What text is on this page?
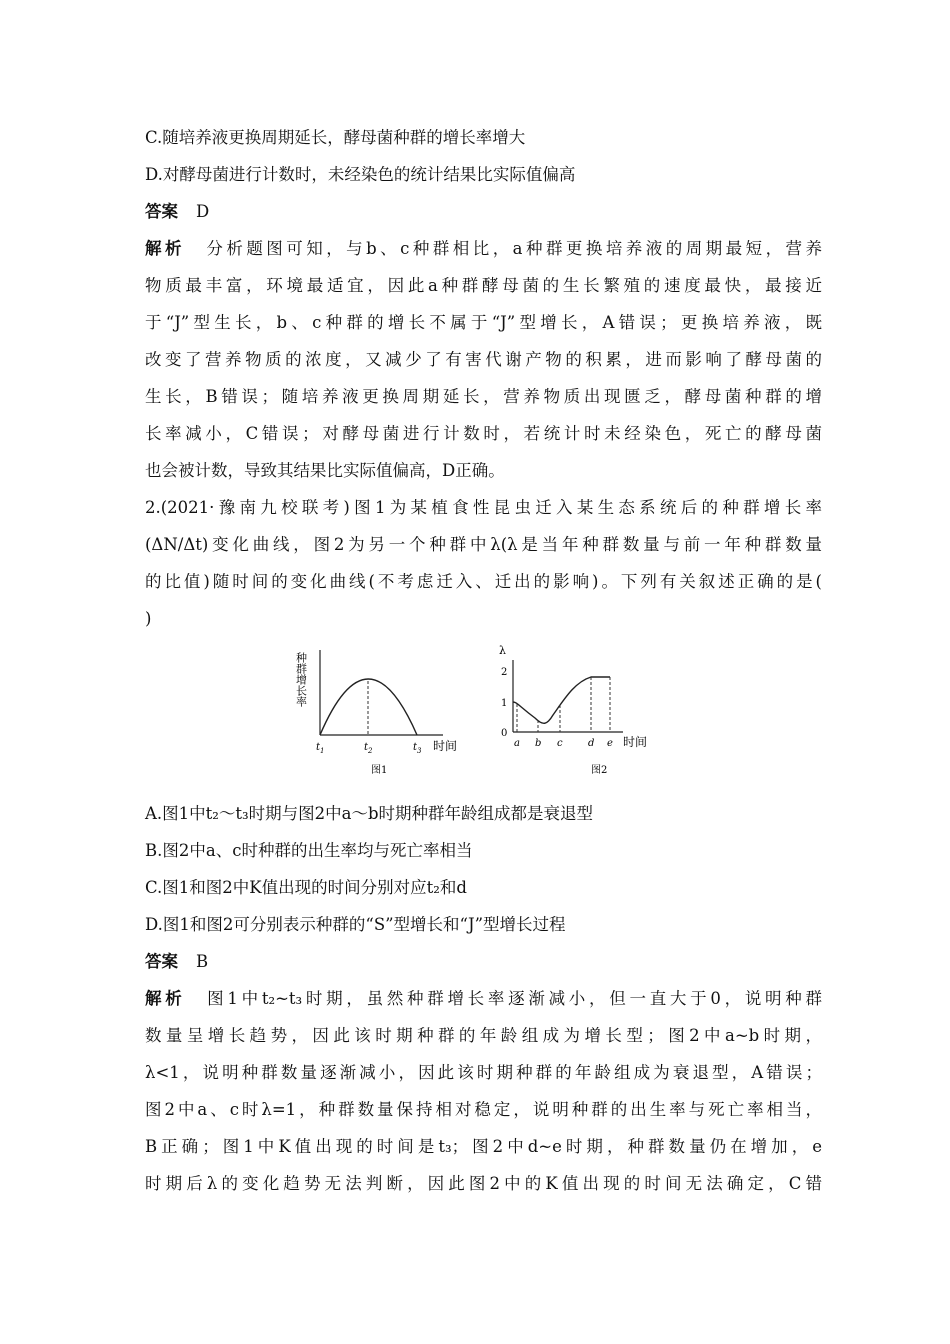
C.随培养液更换周期延长，酵母菌种群的增长率增大
D.对酵母菌进行计数时，未经染色的统计结果比实际值偏高
答案 D
解析 分析题图可知，与b、c种群相比，a种群更换培养液的周期最短，营养
物质最丰富，环境最适宜，因此a种群酵母菌的生长繁殖的速度最快，最接近
于“J”型生长，b、c种群的增长不属于“J”型增长，A错误；更换培养液，既
改变了营养物质的浓度，又减少了有害代谢产物的积累，进而影响了酵母菌的
生长，B错误；随培养液更换周期延长，营养物质出现匮乏，酵母菌种群的增
长率减小，C错误；对酵母菌进行计数时，若统计时未经染色，死亡的酵母菌
也会被计数，导致其结果比实际值偏高，D正确。
2.(2021·豫南九校联考)图1为某植食性昆虫迁入某生态系统后的种群增长率
(ΔN/Δt)变化曲线，图2为另一个种群中λ(λ是当年种群数量与前一年种群数量
的比值)随时间的变化曲线(不考虑迁入、迁出的影响)。下列有关叙述正确的是(
)
种群增长率
$t_1$	$t_2$	$t_3$ 时间
图1
λ
2
1
0
a b c	d e 时间
图2
A.图1中t₂～t₃时期与图2中a～b时期种群年龄组成都是衰退型
B.图2中a、c时种群的出生率均与死亡率相当
C.图1和图2中K值出现的时间分别对应t₂和d
D.图1和图2可分别表示种群的“S”型增长和“J”型增长过程
答案 B
解析 图1中t₂~t₃时期，虽然种群增长率逐渐减小，但一直大于0，说明种群
数量呈增长趋势，因此该时期种群的年龄组成为增长型；图2中a~b时期，
λ<1，说明种群数量逐渐减小，因此该时期种群的年龄组成为衰退型，A错误；
图2中a、c时λ=1，种群数量保持相对稳定，说明种群的出生率与死亡率相当，
B正确；图1中K值出现的时间是t₃；图2中d~e时期，种群数量仍在增加，e
时期后λ的变化趋势无法判断，因此图2中的K值出现的时间无法确定，C错
